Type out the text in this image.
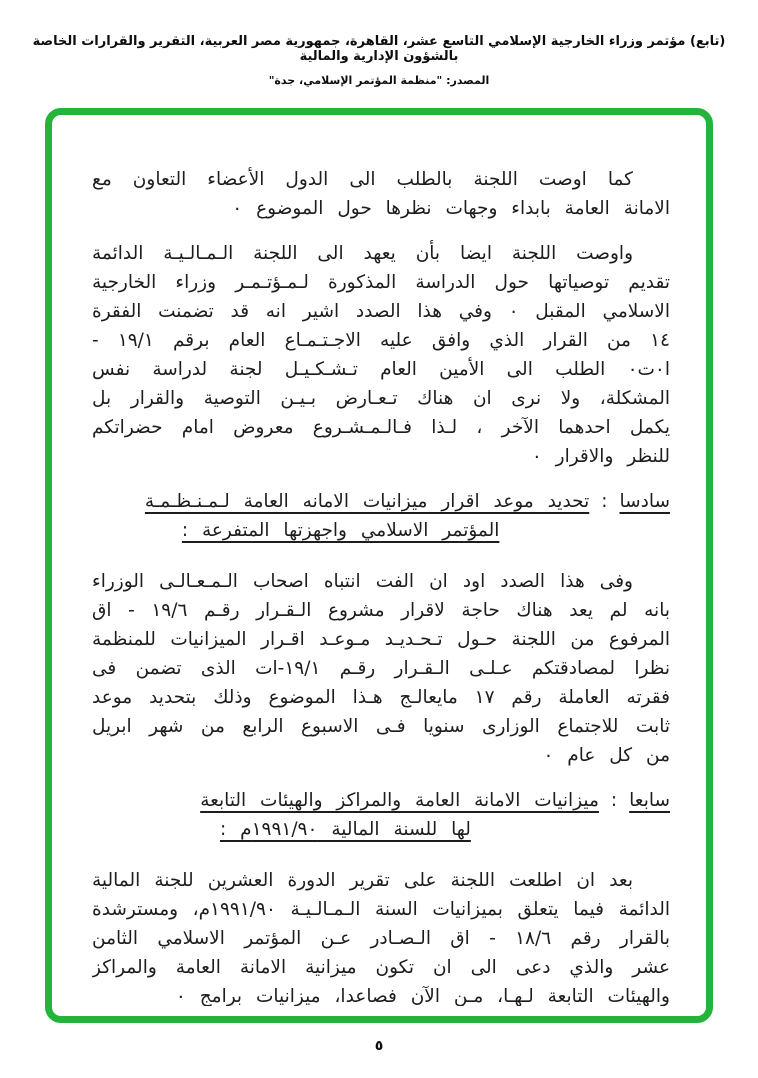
(تابع) مؤتمر وزراء الخارجية الإسلامي التاسع عشر، القاهرة، جمهورية مصر العربية، التقرير والقرارات الخاصة بالشؤون الإدارية والمالية
المصدر: "منظمة المؤتمر الإسلامي، جدة"

كما اوصت اللجنة بالطلب الى الدول الأعضاء التعاون مع الامانة العامة بابداء وجهات نظرها حول الموضوع ٠

واوصت اللجنة ايضا بأن يعهد الى اللجنة الـمـالـيـة الدائمة تقديم توصياتها حول الدراسة المذكورة لـمـؤتـمـر وزراء الخارجية الاسلامي المقبل ٠ وفي هذا الصدد اشير انه قد تضمنت الفقرة ١٤ من القرار الذي وافق عليه الاجـتـمـاع العام برقم ١٩/١ - ا٠ت٠ الطلب الى الأمين العام تـشـكـيـل لجنة لدراسة نفس المشكلة، ولا نرى ان هناك تـعـارض بـيـن التوصية والقرار بل يكمل احدهما الآخر ، لـذا فـالـمـشـروع معروض امام حضراتكم للنظر والاقرار ٠

سادسا
:
تحديد موعد اقرار ميزانيات الامانه العامة لـمـنـظـمـة
المؤتمر الاسلامي واجهزتها المتفرعة :

وفى هذا الصدد اود ان الفت انتباه اصحاب الـمـعـالـى الوزراء بانه لم يعد هناك حاجة لاقرار مشروع الـقـرار رقـم ١٩/٦ - اق المرفوع من اللجنة حـول تـحـديـد مـوعـد اقـرار الميزانيات للمنظمة نظرا لمصادقتكم عـلـى الـقـرار رقـم ١٩/١-ات الذى تضمن فى فقرته العاملة رقم ١٧ مايعالـج هـذا الموضوع وذلك بتحديد موعد ثابت للاجتماع الوزارى سنويا فـى الاسبوع الرابع من شهر ابريل من كل عام ٠

سابعا
:
ميزانيات الامانة العامة والمراكز والهيئات التابعة
لها للسنة المالية ١٩٩١/٩٠م :

بعد ان اطلعت اللجنة على تقرير الدورة العشرين للجنة المالية الدائمة فيما يتعلق بميزانيات السنة الـمـالـيـة ١٩٩١/٩٠م، ومسترشدة بالقرار رقم ١٨/٦ - اق الـصـادر عـن المؤتمر الاسلامي الثامن عشر والذي دعى الى ان تكون ميزانية الامانة العامة والمراكز والهيئات التابعة لـهـا، مـن الآن فصاعدا، ميزانيات برامج ٠

٥
